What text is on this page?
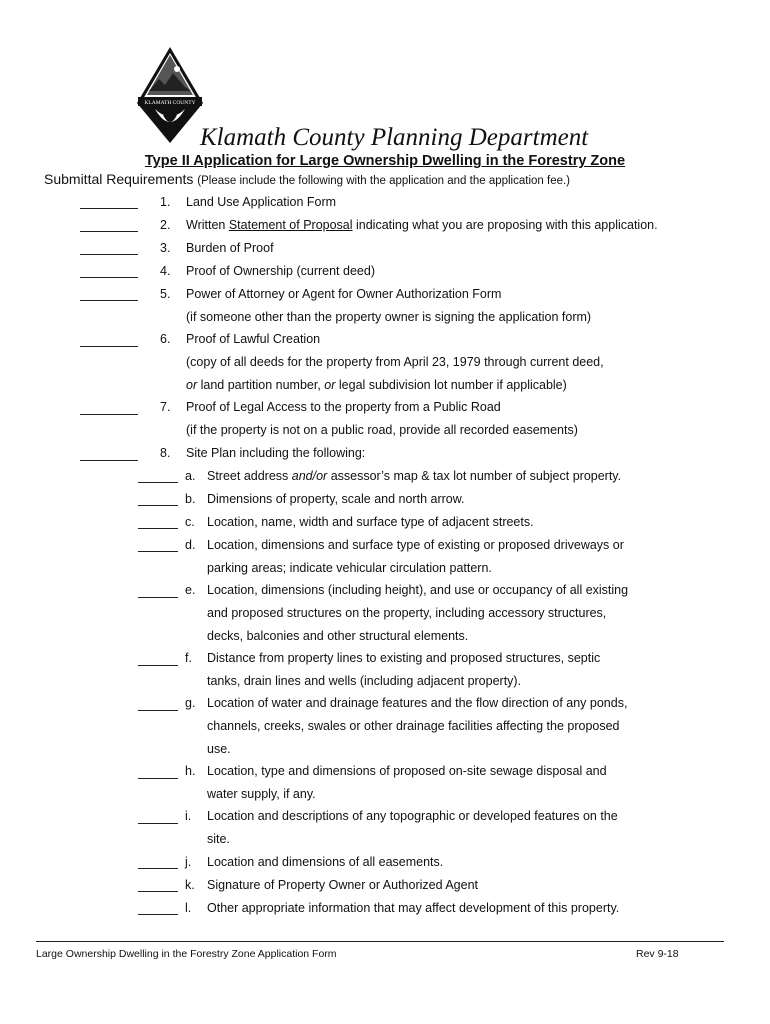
KLAMATH COUNTY
Klamath County Planning Department
Type II Application for Large Ownership Dwelling in the Forestry Zone
Submittal Requirements (Please include the following with the application and the application fee.)
1. Land Use Application Form
2. Written Statement of Proposal indicating what you are proposing with this application.
3. Burden of Proof
4. Proof of Ownership (current deed)
5. Power of Attorney or Agent for Owner Authorization Form
(if someone other than the property owner is signing the application form)
6. Proof of Lawful Creation
(copy of all deeds for the property from April 23, 1979 through current deed,
or land partition number, or legal subdivision lot number if applicable)
7. Proof of Legal Access to the property from a Public Road
(if the property is not on a public road, provide all recorded easements)
8. Site Plan including the following:
a. Street address and/or assessor’s map & tax lot number of subject property.
b. Dimensions of property, scale and north arrow.
c. Location, name, width and surface type of adjacent streets.
d. Location, dimensions and surface type of existing or proposed driveways or
parking areas; indicate vehicular circulation pattern.
e. Location, dimensions (including height), and use or occupancy of all existing
and proposed structures on the property, including accessory structures,
decks, balconies and other structural elements.
f. Distance from property lines to existing and proposed structures, septic
tanks, drain lines and wells (including adjacent property).
g. Location of water and drainage features and the flow direction of any ponds,
channels, creeks, swales or other drainage facilities affecting the proposed
use.
h. Location, type and dimensions of proposed on-site sewage disposal and
water supply, if any.
i. Location and descriptions of any topographic or developed features on the
site.
j. Location and dimensions of all easements.
k. Signature of Property Owner or Authorized Agent
l. Other appropriate information that may affect development of this property.
Large Ownership Dwelling in the Forestry Zone Application Form	Rev 9-18
